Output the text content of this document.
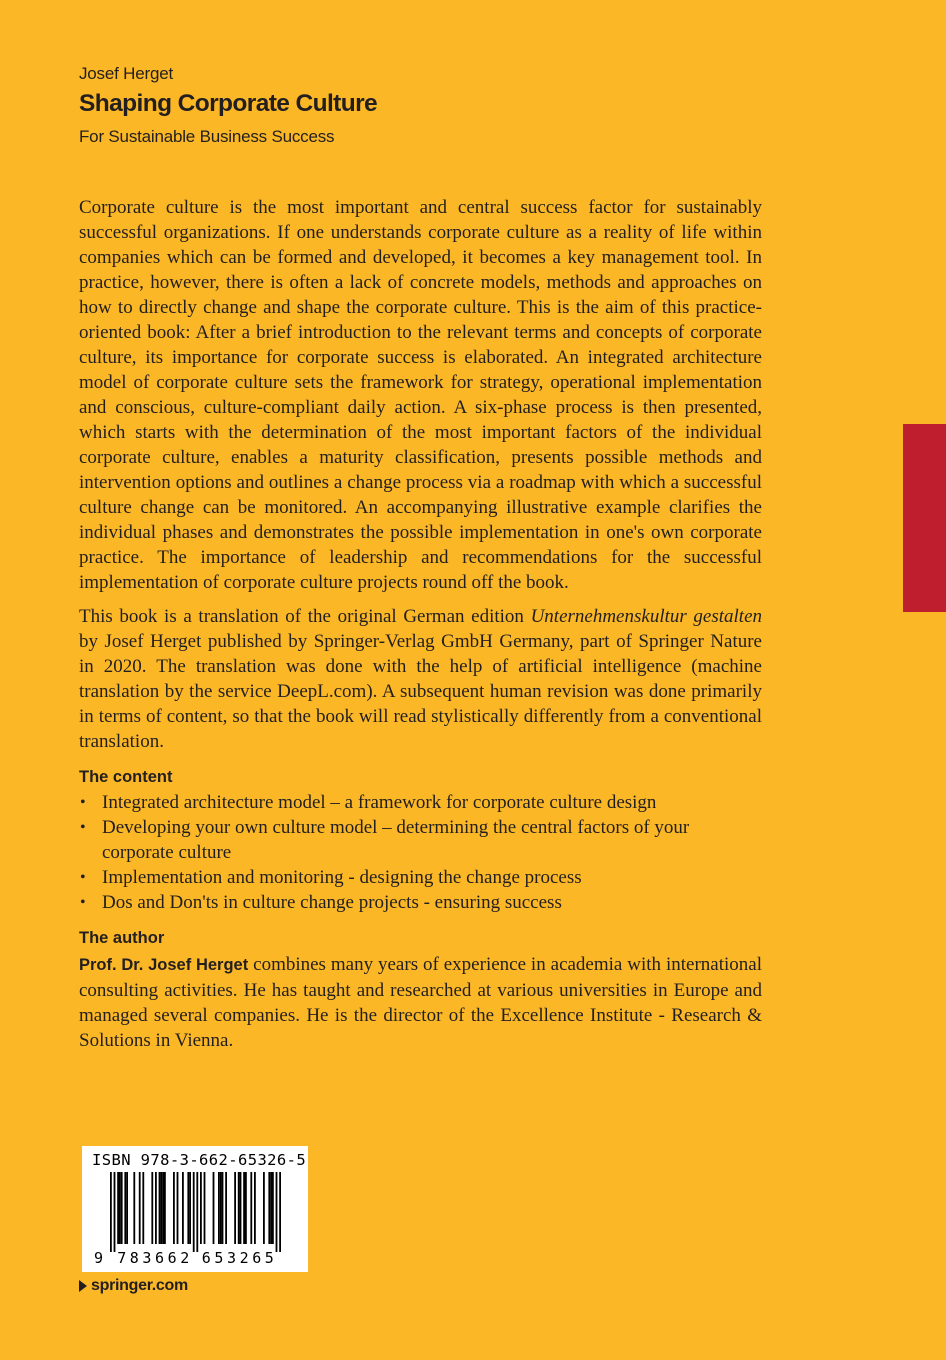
Josef Herget
Shaping Corporate Culture
For Sustainable Business Success

Corporate culture is the most important and central success factor for sustainably successful organizations. If one understands corporate culture as a reality of life within companies which can be formed and developed, it becomes a key management tool. In practice, however, there is often a lack of concrete models, methods and approaches on how to directly change and shape the corporate culture. This is the aim of this practice-oriented book: After a brief introduction to the relevant terms and concepts of corporate culture, its importance for corporate success is elaborated. An integrated architecture model of corporate culture sets the framework for strategy, operational implementation and conscious, culture-compliant daily action. A six-phase process is then presented, which starts with the determination of the most important factors of the individual corporate culture, enables a maturity classification, presents possible methods and intervention options and outlines a change process via a roadmap with which a successful culture change can be monitored. An accompanying illustrative example clarifies the individual phases and demonstrates the possible implementation in one's own corporate practice. The importance of leadership and recommendations for the successful implementation of corporate culture projects round off the book.

This book is a translation of the original German edition Unternehmenskultur gestalten by Josef Herget published by Springer-Verlag GmbH Germany, part of Springer Nature in 2020. The translation was done with the help of artificial intelligence (machine translation by the service DeepL.com). A subsequent human revision was done primarily in terms of content, so that the book will read stylistically differently from a conventional translation.

The content
• Integrated architecture model – a framework for corporate culture design
• Developing your own culture model – determining the central factors of your corporate culture
• Implementation and monitoring - designing the change process
• Dos and Don'ts in culture change projects - ensuring success
The author

Prof. Dr. Josef Herget combines many years of experience in academia with international consulting activities. He has taught and researched at various universities in Europe and managed several companies. He is the director of the Excellence Institute - Research & Solutions in Vienna.

9 7 8 3 6 6 2 6 5 3 2 6 5
ISBN 978-3-662-65326-5
springer.com
